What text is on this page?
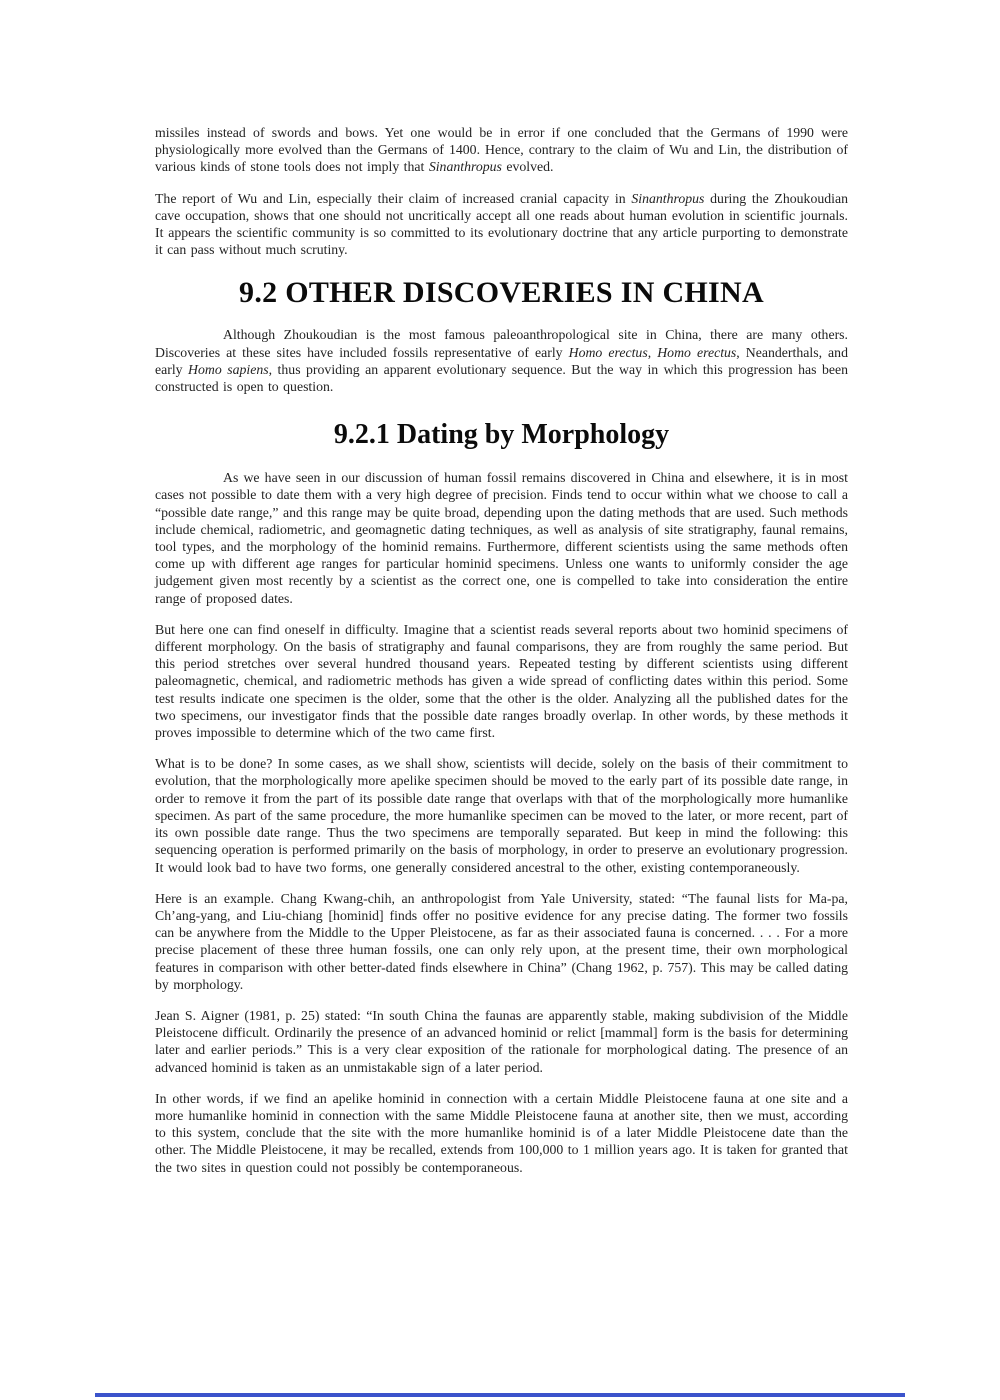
missiles instead of swords and bows. Yet one would be in error if one concluded that the Germans of 1990 were physiologically more evolved than the Germans of 1400. Hence, contrary to the claim of Wu and Lin, the distribution of various kinds of stone tools does not imply that Sinanthropus evolved.

The report of Wu and Lin, especially their claim of increased cranial capacity in Sinanthropus during the Zhoukoudian cave occupation, shows that one should not uncritically accept all one reads about human evolution in scientific journals. It appears the scientific community is so committed to its evolutionary doctrine that any article purporting to demonstrate it can pass without much scrutiny.

9.2 OTHER DISCOVERIES IN CHINA

Although Zhoukoudian is the most famous paleoanthropological site in China, there are many others. Discoveries at these sites have included fossils representative of early Homo erectus, Homo erectus, Neanderthals, and early Homo sapiens, thus providing an apparent evolutionary sequence. But the way in which this progression has been constructed is open to question.

9.2.1 Dating by Morphology

As we have seen in our discussion of human fossil remains discovered in China and elsewhere, it is in most cases not possible to date them with a very high degree of precision. Finds tend to occur within what we choose to call a “possible date range,” and this range may be quite broad, depending upon the dating methods that are used. Such methods include chemical, radiometric, and geomagnetic dating techniques, as well as analysis of site stratigraphy, faunal remains, tool types, and the morphology of the hominid remains. Furthermore, different scientists using the same methods often come up with different age ranges for particular hominid specimens. Unless one wants to uniformly consider the age judgement given most recently by a scientist as the correct one, one is compelled to take into consideration the entire range of proposed dates.

But here one can find oneself in difficulty. Imagine that a scientist reads several reports about two hominid specimens of different morphology. On the basis of stratigraphy and faunal comparisons, they are from roughly the same period. But this period stretches over several hundred thousand years. Repeated testing by different scientists using different paleomagnetic, chemical, and radiometric methods has given a wide spread of conflicting dates within this period. Some test results indicate one specimen is the older, some that the other is the older. Analyzing all the published dates for the two specimens, our investigator finds that the possible date ranges broadly overlap. In other words, by these methods it proves impossible to determine which of the two came first.

What is to be done? In some cases, as we shall show, scientists will decide, solely on the basis of their commitment to evolution, that the morphologically more apelike specimen should be moved to the early part of its possible date range, in order to remove it from the part of its possible date range that overlaps with that of the morphologically more humanlike specimen. As part of the same procedure, the more humanlike specimen can be moved to the later, or more recent, part of its own possible date range. Thus the two specimens are temporally separated. But keep in mind the following: this sequencing operation is performed primarily on the basis of morphology, in order to preserve an evolutionary progression. It would look bad to have two forms, one generally considered ancestral to the other, existing contemporaneously.

Here is an example. Chang Kwang-chih, an anthropologist from Yale University, stated: “The faunal lists for Ma-pa, Ch’ang-yang, and Liu-chiang [hominid] finds offer no positive evidence for any precise dating. The former two fossils can be anywhere from the Middle to the Upper Pleistocene, as far as their associated fauna is concerned. . . . For a more precise placement of these three human fossils, one can only rely upon, at the present time, their own morphological features in comparison with other better-dated finds elsewhere in China” (Chang 1962, p. 757). This may be called dating by morphology.

Jean S. Aigner (1981, p. 25) stated: “In south China the faunas are apparently stable, making subdivision of the Middle Pleistocene difficult. Ordinarily the presence of an advanced hominid or relict [mammal] form is the basis for determining later and earlier periods.” This is a very clear exposition of the rationale for morphological dating. The presence of an advanced hominid is taken as an unmistakable sign of a later period.

In other words, if we find an apelike hominid in connection with a certain Middle Pleistocene fauna at one site and a more humanlike hominid in connection with the same Middle Pleistocene fauna at another site, then we must, according to this system, conclude that the site with the more humanlike hominid is of a later Middle Pleistocene date than the other. The Middle Pleistocene, it may be recalled, extends from 100,000 to 1 million years ago. It is taken for granted that the two sites in question could not possibly be contemporaneous.
